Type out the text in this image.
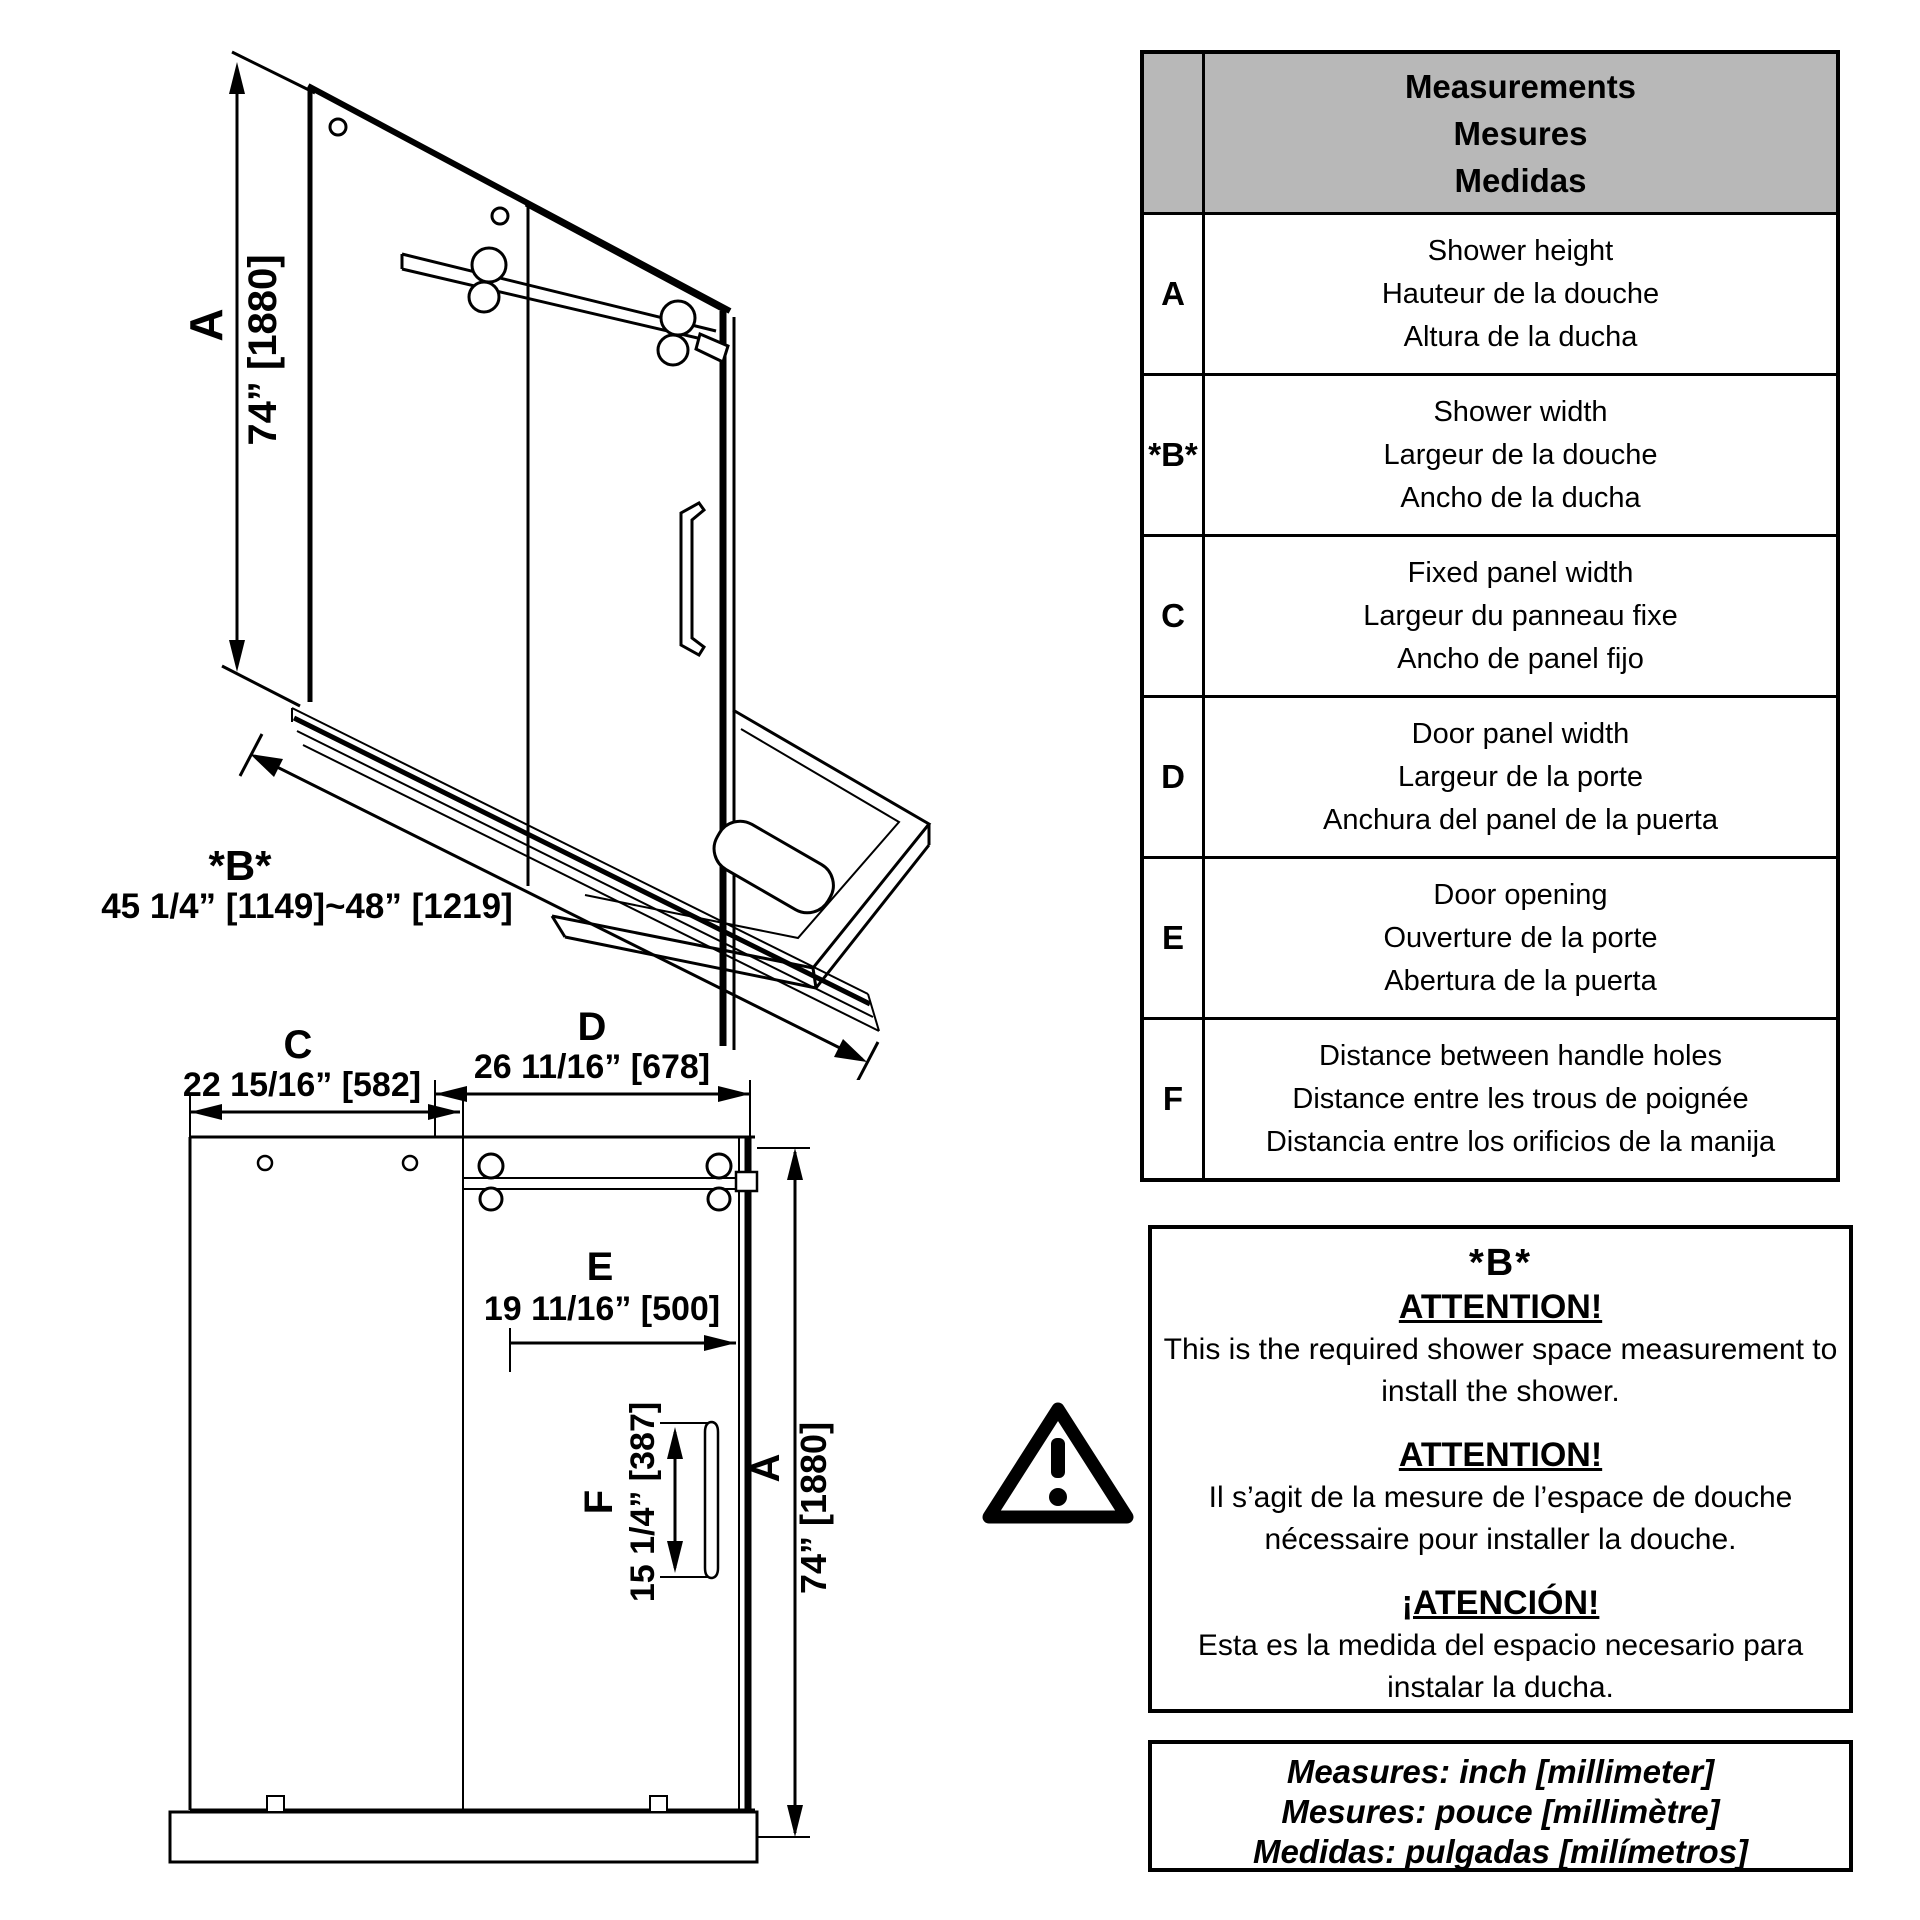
A 74” [1880]
*B*
45 1/4” [1149]~48” [1219]
C
22 15/16” [582]
D
26 11/16” [678]
E
19 11/16” [500]
F 15 1/4” [387] A 74” [1880]
Measurements
Mesures
Medidas
A
Shower height
Hauteur de la douche
Altura de la ducha
*B*
Shower width
Largeur de la douche
Ancho de la ducha
C
Fixed panel width
Largeur du panneau fixe
Ancho de panel fijo
D
Door panel width
Largeur de la porte
Anchura del panel de la puerta
E
Door opening
Ouverture de la porte
Abertura de la puerta
F
Distance between handle holes
Distance entre les trous de poignée
Distancia entre los orificios de la manija
*B*
ATTENTION!
This is the required shower space measurement to install the shower.
ATTENTION!
Il s’agit de la mesure de l’espace de douche nécessaire pour installer la douche.
¡ATENCIÓN!
Esta es la medida del espacio necesario para instalar la ducha.
Measures: inch [millimeter]
Mesures: pouce [millimètre]
Medidas: pulgadas [milímetros]
